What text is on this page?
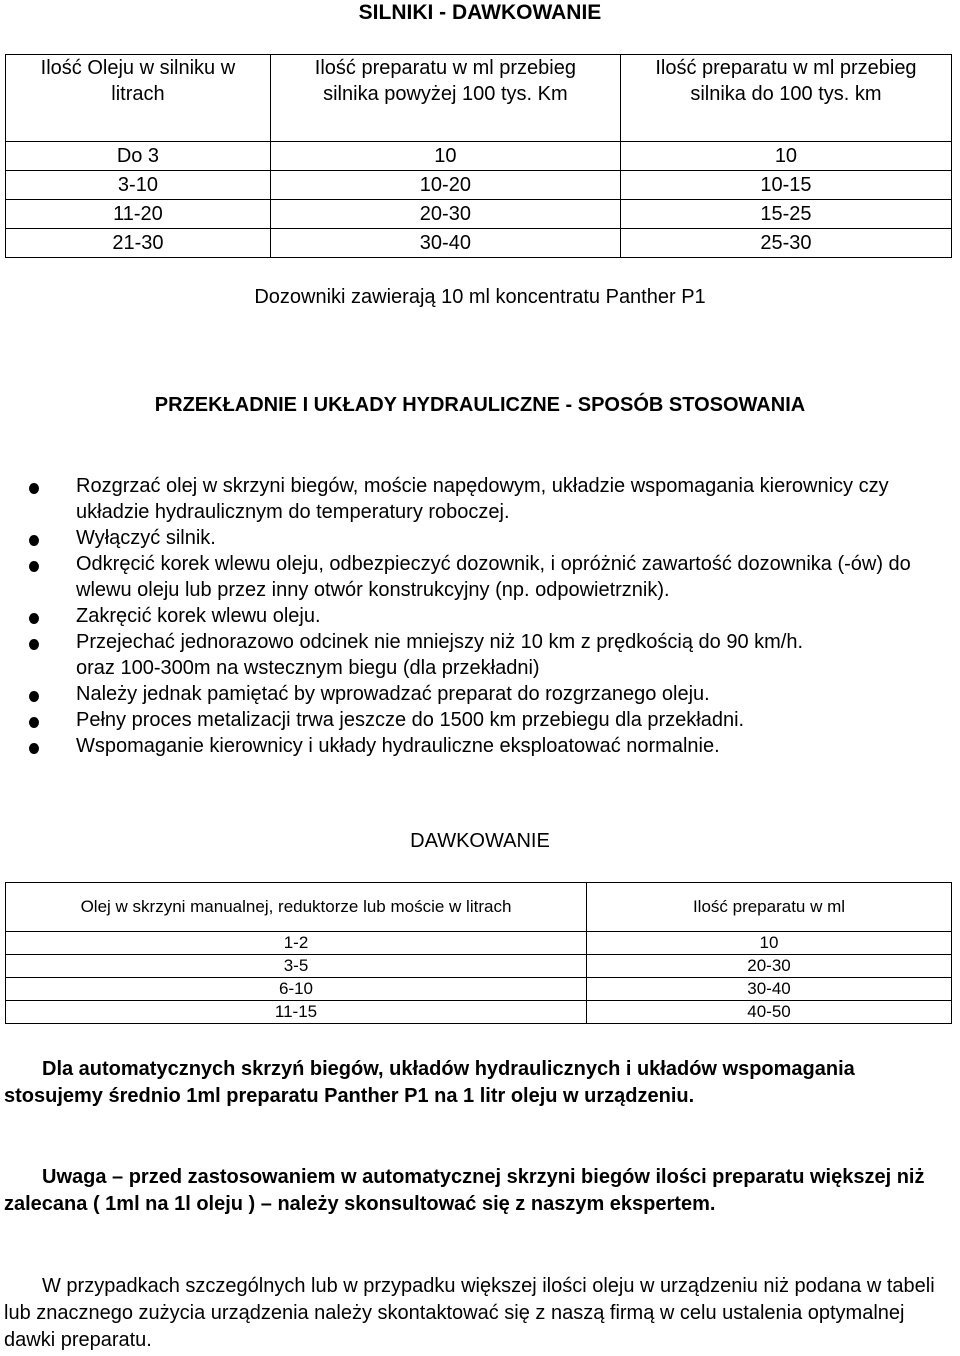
SILNIKI - DAWKOWANIE
Ilość Oleju w silniku w litrach	Ilość preparatu w ml przebieg silnika powyżej 100 tys. Km	Ilość preparatu w ml przebieg silnika do 100 tys. km
Do 3	10	10
3-10	10-20	10-15
11-20	20-30	15-25
21-30	30-40	25-30
Dozowniki zawierają 10 ml koncentratu Panther P1
PRZEKŁADNIE I UKŁADY HYDRAULICZNE - SPOSÓB STOSOWANIA
Rozgrzać olej w skrzyni biegów, moście napędowym, układzie wspomagania kierownicy czy układzie hydraulicznym do temperatury roboczej.
Wyłączyć silnik.
Odkręcić korek wlewu oleju, odbezpieczyć dozownik, i opróżnić zawartość dozownika (-ów) do wlewu oleju lub przez inny otwór konstrukcyjny (np. odpowietrznik).
Zakręcić korek wlewu oleju.
Przejechać jednorazowo odcinek nie mniejszy niż 10 km z prędkością do 90 km/h.
oraz 100-300m na wstecznym biegu (dla przekładni)
Należy jednak pamiętać by wprowadzać preparat do rozgrzanego oleju.
Pełny proces metalizacji trwa jeszcze do 1500 km przebiegu dla przekładni.
Wspomaganie kierownicy i układy hydrauliczne eksploatować normalnie.
DAWKOWANIE
Olej w skrzyni manualnej, reduktorze lub moście w litrach	Ilość preparatu w ml
1-2	10
3-5	20-30
6-10	30-40
11-15	40-50
Dla automatycznych skrzyń biegów, układów hydraulicznych i układów wspomagania stosujemy średnio 1ml preparatu Panther P1 na 1 litr oleju w urządzeniu.
Uwaga – przed zastosowaniem w automatycznej skrzyni biegów ilości preparatu większej niż zalecana ( 1ml na 1l oleju ) – należy skonsultować się z naszym ekspertem.
W przypadkach szczególnych lub w przypadku większej ilości oleju w urządzeniu niż podana w tabeli lub znacznego zużycia urządzenia należy skontaktować się z naszą firmą w celu ustalenia optymalnej dawki preparatu.
